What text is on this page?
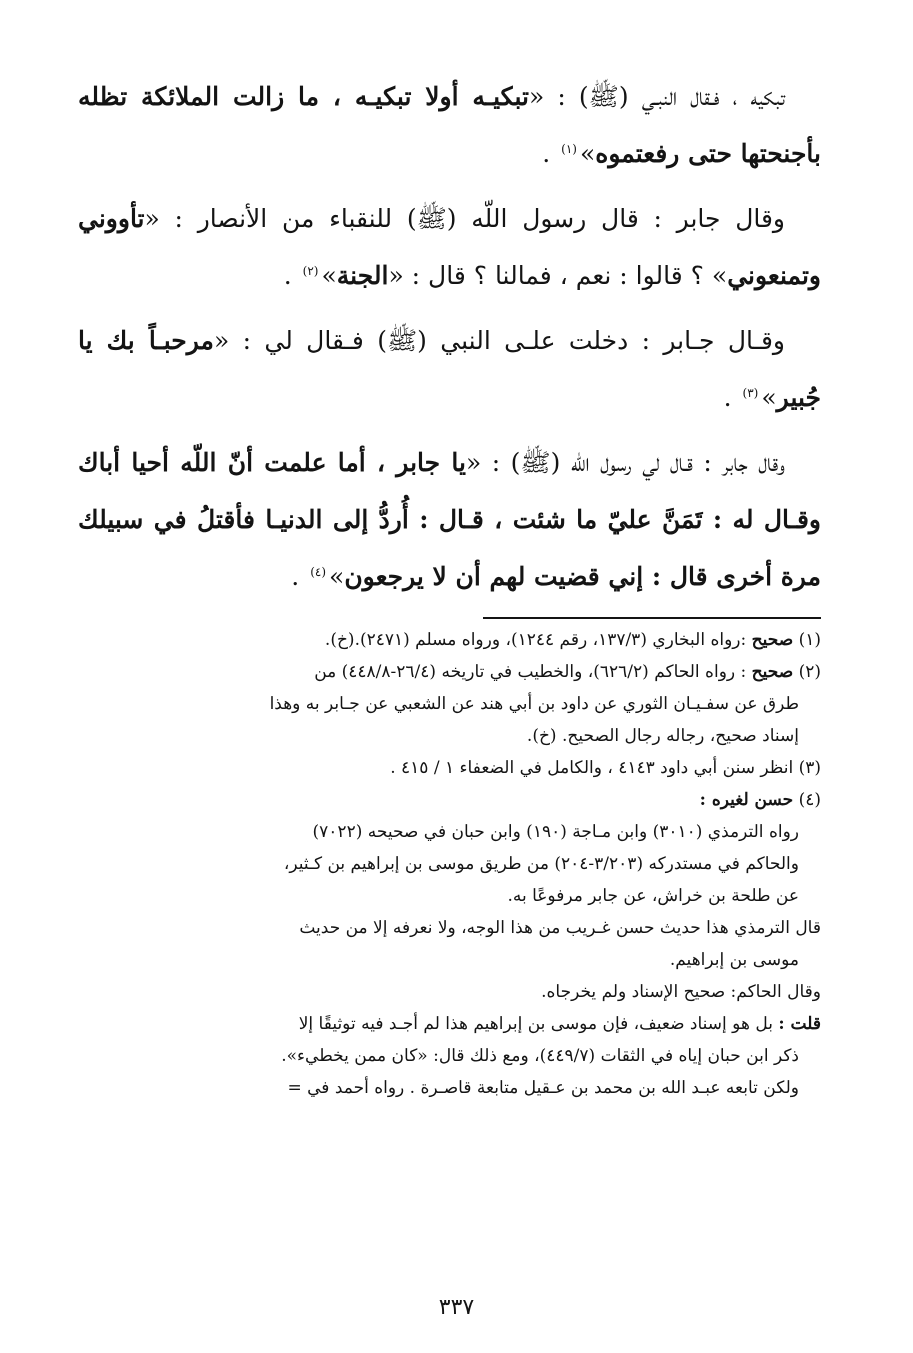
تبكيه ، فـقال النبـي (ﷺ) : «تبكيـه أولا تبكيـه ، ما زالت الملائكة تظله بأجنحتها حتى رفعتموه»$^{(١)}$ .

وقال جابر : قال رسول اللّه (ﷺ) للنقباء من الأنصار : «تأووني وتمنعوني» ؟ قالوا : نعم ، فمالنا ؟ قال : «الجنة»$^{(٢)}$ .

وقـال جـابر : دخلت علـى النبي (ﷺ) فـقال لي : «مرحبـاً بك يا جُبير»$^{(٣)}$ .

وقال جابر : قـال لي رسول اللّه (ﷺ) : «يا جابر ، أما علمت أنّ اللّه أحيا أباك وقـال له : تَمَنَّ عليّ ما شئت ، قـال : أُردُّ إلى الدنيـا فأقتلُ في سبيلك مرة أخرى قال : إني قضيت لهم أن لا يرجعون»$^{(٤)}$ .

(١) صحيح :رواه البخاري (١٣٧/٣، رقم ١٢٤٤)، ورواه مسلم (٢٤٧١).(خ).

(٢) صحيح : رواه الحاكم (٦٢٦/٢)، والخطيب في تاريخه (٢٦/٤-٤٤٨/٨) من

طرق عن سفـيـان الثوري عن داود بن أبي هند عن الشعبي عن جـابر به وهذا

إسناد صحيح، رجاله رجال الصحيح. (خ).

(٣) انظر سنن أبي داود ٤١٤٣ ، والكامل في الضعفاء ١ / ٤١٥ .

(٤) حسن لغيره :

رواه الترمذي (٣٠١٠) وابن مـاجة (١٩٠) وابن حبان في صحيحه (٧٠٢٢)

والحاكم في مستدركه (٣/٢٠٣-٢٠٤) من طريق موسى بن إبراهيم بن كـثير،

عن طلحة بن خراش، عن جابر مرفوعًا به.

قال الترمذي هذا حديث حسن غـريب من هذا الوجه، ولا نعرفه إلا من حديث

موسى بن إبراهيم.

وقال الحاكم: صحيح الإسناد ولم يخرجاه.

قلت : بل هو إسناد ضعيف، فإن موسى بن إبراهيم هذا لم أجـد فيه توثيقًا إلا

ذكر ابن حبان إياه في الثقات (٤٤٩/٧)، ومع ذلك قال: «كان ممن يخطيء».

ولكن تابعه عبـد الله بن محمد بن عـقيل متابعة قاصـرة . رواه أحمد في =

٣٣٧
